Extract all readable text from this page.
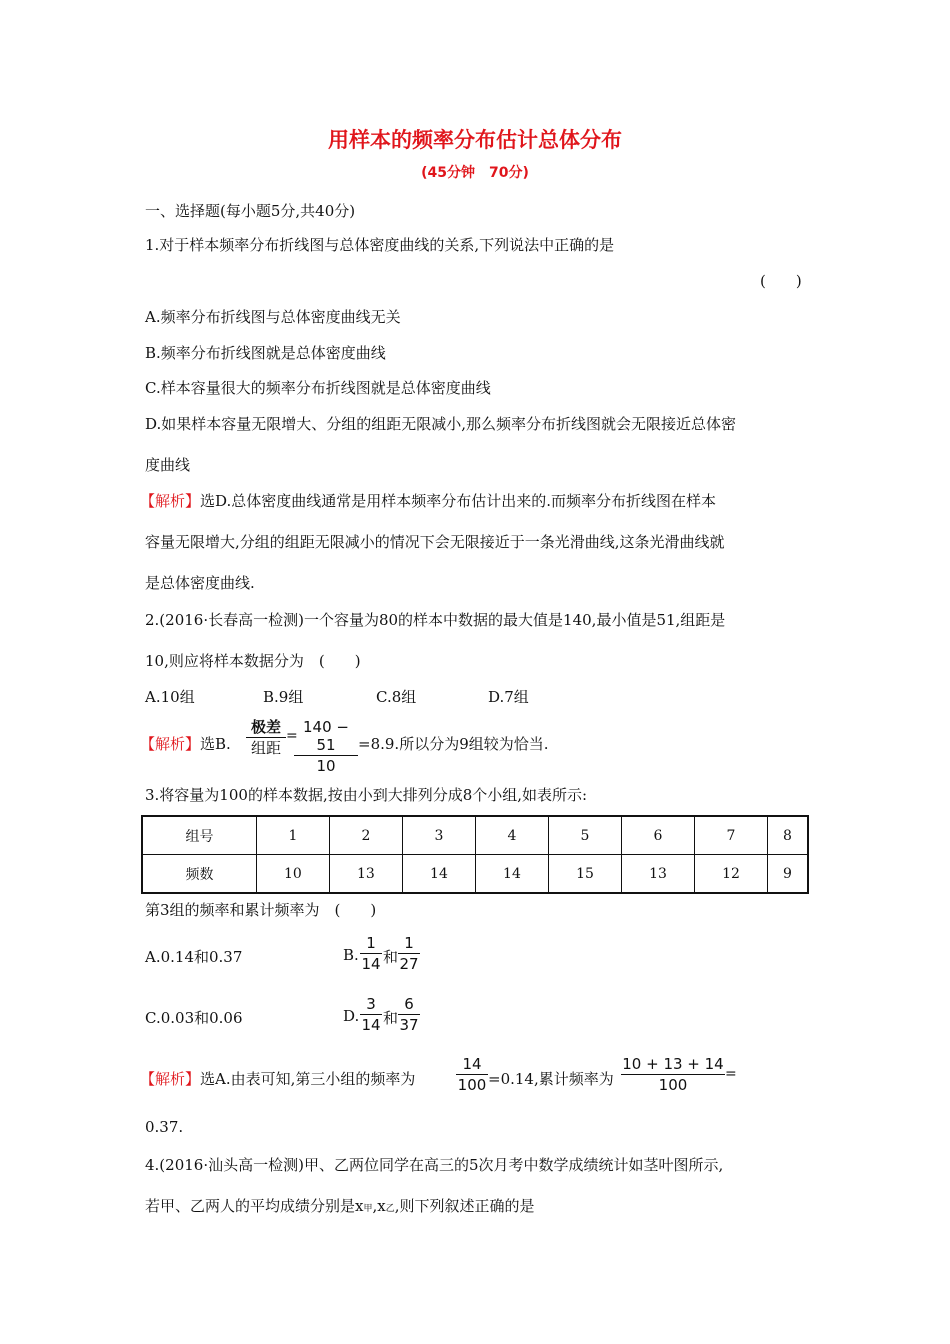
用样本的频率分布估计总体分布
(45分钟　70分)
一、选择题(每小题5分,共40分)
1.对于样本频率分布折线图与总体密度曲线的关系,下列说法中正确的是
(　　)
A.频率分布折线图与总体密度曲线无关
B.频率分布折线图就是总体密度曲线
C.样本容量很大的频率分布折线图就是总体密度曲线
D.如果样本容量无限增大、分组的组距无限减小,那么频率分布折线图就会无限接近总体密
度曲线
【解析】选D.总体密度曲线通常是用样本频率分布估计出来的.而频率分布折线图在样本
容量无限增大,分组的组距无限减小的情况下会无限接近于一条光滑曲线,这条光滑曲线就
是总体密度曲线.
2.(2016·长春高一检测)一个容量为80的样本中数据的最大值是140,最小值是51,组距是
10,则应将样本数据分为　(　　)
A.10组	B.9组	C.8组	D.7组
【解析】选B.
极差
组距
= 140 − 51
10
=8.9.所以分为9组较为恰当.
3.将容量为100的样本数据,按由小到大排列分成8个小组,如表所示:
组号	1	2	3	4	5	6	7	8
频数	10	13	14	14	15	13	12	9
第3组的频率和累计频率为　(　　)
A.0.14和0.37	B.
1
14 和
1
27
C.0.03和0.06	D.
3
14 和
6
37
【解析】选A.由表可知,第三小组的频率为
14
100 =0.14,累计频率为
10 + 13 + 14
100
=
0.37.
4.(2016·汕头高一检测)甲、乙两位同学在高三的5次月考中数学成绩统计如茎叶图所示,
若甲、乙两人的平均成绩分别是x甲,x乙,则下列叙述正确的是
